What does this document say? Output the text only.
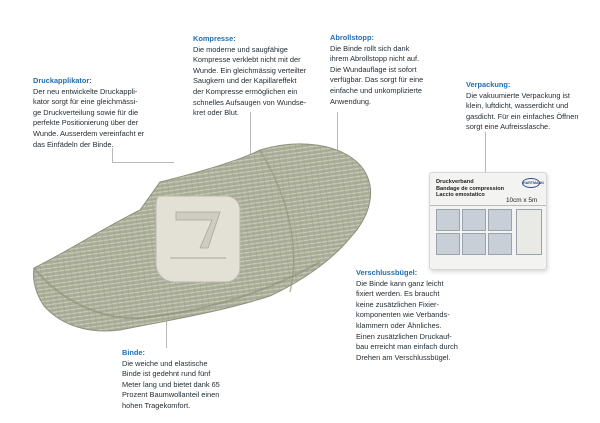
Druckverband
Bandage de compression
Laccio emostatico
HARTMANN
10cm x 5m
Kompresse:
Die moderne und saugfähige
Kompresse verklebt nicht mit der
Wunde. Ein gleichmässig verteilter
Saugkern und der Kapillareffekt
der Kompresse ermöglichen ein
schnelles Aufsaugen von Wundse-
kret oder Blut.
Abrollstopp:
Die Binde rollt sich dank
ihrem Abrollstopp nicht auf.
Die Wundauflage ist sofort
verfügbar. Das sorgt für eine
einfache und unkomplizierte
Anwendung.
Druckapplikator:
Der neu entwickelte Druckappli-
kator sorgt für eine gleichmässi-
ge Druckverteilung sowie für die
perfekte Positionierung über der
Wunde. Ausserdem vereinfacht er
das Einfädeln der Binde.
Verpackung:
Die vakuumierte Verpackung ist
klein, luftdicht, wasserdicht und
gasdicht. Für ein einfaches Öffnen
sorgt eine Aufreisslasche.
Verschlussbügel:
Die Binde kann ganz leicht
fixiert werden. Es braucht
keine zusätzlichen Fixier-
komponenten wie Verbands-
klammern oder Ähnliches.
Einen zusätzlichen Druckauf-
bau erreicht man einfach durch
Drehen am Verschlussbügel.
Binde:
Die weiche und elastische
Binde ist gedehnt rund fünf
Meter lang und bietet dank 65
Prozent Baumwollanteil einen
hohen Tragekomfort.
